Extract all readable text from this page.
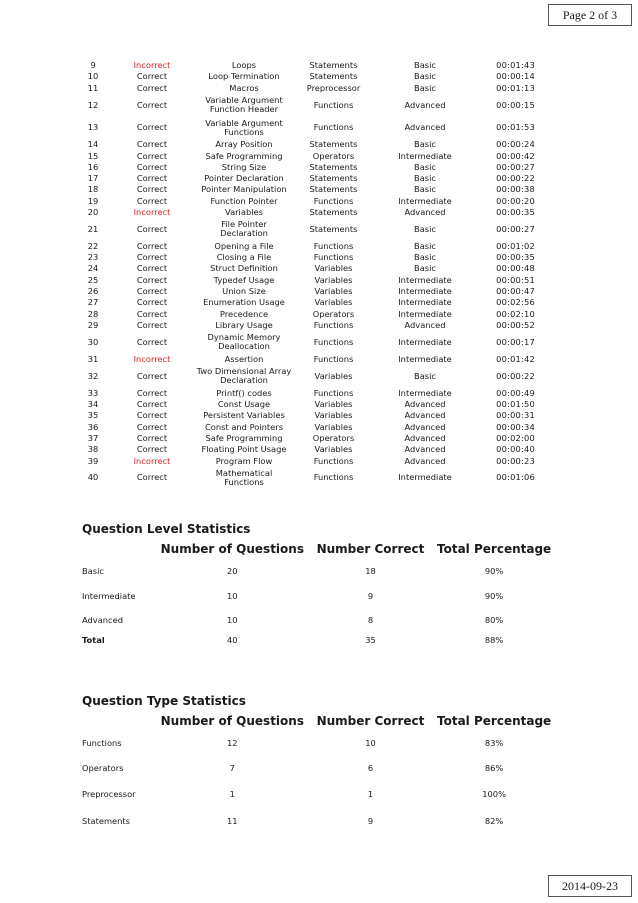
Page 2 of 3
9	Incorrect	Loops	Statements	Basic	00:01:43
10	Correct	Loop Termination	Statements	Basic	00:00:14
11	Correct	Macros	Preprocessor	Basic	00:01:13
12	Correct	Variable Argument Function Header	Functions	Advanced	00:00:15
13	Correct	Variable Argument Functions	Functions	Advanced	00:01:53
14	Correct	Array Position	Statements	Basic	00:00:24
15	Correct	Safe Programming	Operators	Intermediate	00:00:42
16	Correct	String Size	Statements	Basic	00:00:27
17	Correct	Pointer Declaration	Statements	Basic	00:00:22
18	Correct	Pointer Manipulation	Statements	Basic	00:00:38
19	Correct	Function Pointer	Functions	Intermediate	00:00:20
20	Incorrect	Variables	Statements	Advanced	00:00:35
21	Correct	File Pointer Declaration	Statements	Basic	00:00:27
22	Correct	Opening a File	Functions	Basic	00:01:02
23	Correct	Closing a File	Functions	Basic	00:00:35
24	Correct	Struct Definition	Variables	Basic	00:00:48
25	Correct	Typedef Usage	Variables	Intermediate	00:00:51
26	Correct	Union Size	Variables	Intermediate	00:00:47
27	Correct	Enumeration Usage	Variables	Intermediate	00:02:56
28	Correct	Precedence	Operators	Intermediate	00:02:10
29	Correct	Library Usage	Functions	Advanced	00:00:52
30	Correct	Dynamic Memory Deallocation	Functions	Intermediate	00:00:17
31	Incorrect	Assertion	Functions	Intermediate	00:01:42
32	Correct	Two Dimensional Array Declaration	Variables	Basic	00:00:22
33	Correct	Printf() codes	Functions	Intermediate	00:00:49
34	Correct	Const Usage	Variables	Advanced	00:01:50
35	Correct	Persistent Variables	Variables	Advanced	00:00:31
36	Correct	Const and Pointers	Variables	Advanced	00:00:34
37	Correct	Safe Programming	Operators	Advanced	00:02:00
38	Correct	Floating Point Usage	Variables	Advanced	00:00:40
39	Incorrect	Program Flow	Functions	Advanced	00:00:23
40	Correct	Mathematical Functions	Functions	Intermediate	00:01:06
Question Level Statistics
Number of Questions	Number Correct	Total Percentage
Basic	20	18	90%
Intermediate	10	9	90%
Advanced	10	8	80%
Total	40	35	88%
Question Type Statistics
Number of Questions	Number Correct	Total Percentage
Functions	12	10	83%
Operators	7	6	86%
Preprocessor	1	1	100%
Statements	11	9	82%
2014-09-23
